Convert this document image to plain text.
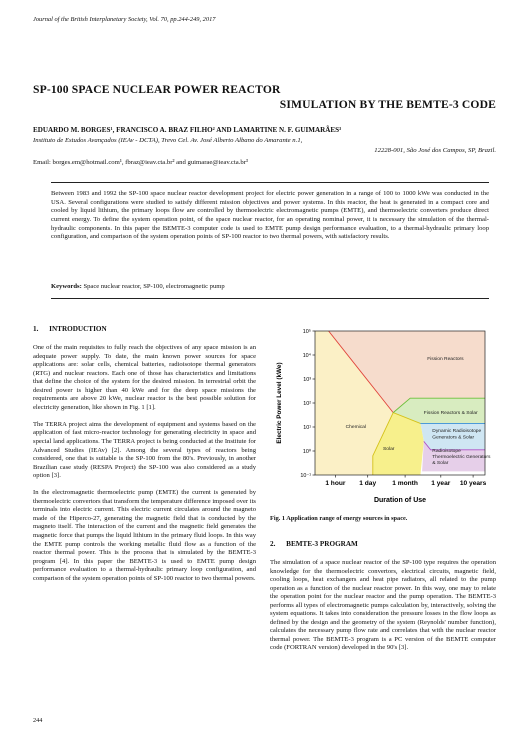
Journal of the British Interplanetary Society, Vol. 70, pp.244-249, 2017
SP-100 SPACE NUCLEAR POWER REACTOR
SIMULATION BY THE BEMTE-3 CODE
EDUARDO M. BORGES¹, FRANCISCO A. BRAZ FILHO² AND LAMARTINE N. F. GUIMARÃES³
Instituto de Estudos Avançados (IEAv - DCTA), Trevo Cel. Av. José Alberto Albano do Amarante n.1,
12228-001, São José dos Campos, SP, Brazil.
Email: borges.em@hotmail.com¹, fbraz@ieav.cta.br² and guimarae@ieav.cta.br³
Between 1983 and 1992 the SP-100 space nuclear reactor development project for electric power generation in a range of 100 to 1000 kWe was conducted in the USA. Several configurations were studied to satisfy different mission objectives and power systems. In this reactor, the heat is generated in a compact core and cooled by liquid lithium, the primary loops flow are controlled by thermoelectric electromagnetic pumps (EMTE), and thermoelectric converters produce direct current energy. To define the system operation point, of the space nuclear reactor, for an operating nominal power, it is necessary the simulation of the thermal-hydraulic components. In this paper the BEMTE-3 computer code is used to EMTE pump design performance evaluation, to a thermal-hydraulic primary loop configuration, and comparison of the system operation points of SP-100 reactor to two thermal powers, with satisfactory results.
Keywords: Space nuclear reactor, SP-100, electromagnetic pump
1.      INTRODUCTION

One of the main requisites to fully reach the objectives of any space mission is an adequate power supply. To date, the main known power sources for space applications are: solar cells, chemical batteries, radioisotope thermal generators (RTG) and nuclear reactors. Each one of those has characteristics and limitations that define the choice of the system for the desired mission. In terrestrial orbit the desired power is higher than 40 kWe and for the deep space missions the requirements are above 20 kWe, nuclear reactor is the best possible solution for electricity generation, like shown in Fig. 1 [1].

The TERRA project aims the development of equipment and systems based on the application of fast micro-reactor technology for generating electricity in space and special land applications. The TERRA project is being conducted at the Institute for Advanced Studies (IEAv) [2]. Among the several types of reactors being considered, one that is suitable is the SP-100 from the 80's. Previously, in another Brazilian case study (RESPA Project) the SP-100 was also considered as a study option [3].

In the electromagnetic thermoelectric pump (EMTE) the current is generated by thermoelectric convertors that transform the temperature difference imposed over its terminals into electric current. This electric current circulates around the magneto made of the Hiperco-27, generating the magnetic field that is conducted by the magneto itself. The interaction of the current and the magnetic field generates the magnetic force that pumps the liquid lithium in the primary fluid loops. In this way the EMTE pump controls the working metallic fluid flow as a function of the reactor thermal power. This is the process that is simulated by the BEMTE-3 program [4]. In this paper the BEMTE-3 is used to EMTE pump design performance evaluation to a thermal-hydraulic primary loop configuration, and comparison of the system operation points of SP-100 reactor to two thermal powers.

10⁵
10⁴
10³
10²
10¹
10⁰
10⁻¹
1 hour 1 day 1 month 1 year 10 years
Fission Reactors
Chemical
Fission Reactors & Solar
Dynamic Radioisotope Generators & Solar
Solar	Radioisotope Thermoelectric Generators & Solar
Electric Power Level (kWe)
Duration of Use
Fig. 1 Application range of energy sources in space.
2.      BEMTE-3 PROGRAM
The simulation of a space nuclear reactor of the SP-100 type requires the operation knowledge for the thermoelectric convertors, electrical circuits, magnetic field, cooling loops, heat exchangers and heat pipe radiators, all related to the pump operation as a function of the nuclear reactor power. In this way, one may to relate the operation point for the nuclear reactor and the pump operation. The BEMTE-3 performs all types of electromagnetic pumps calculation by, interactively, solving the system equations. It takes into consideration the pressure losses in the flow loops as defined by the design and the geometry of the system (Reynolds' number function), calculates the necessary pump flow rate and correlates that with the nuclear reactor thermal power. The BEMTE-3 program is a PC version of the BEMTE computer code (FORTRAN version) developed in the 90's [3].
244
